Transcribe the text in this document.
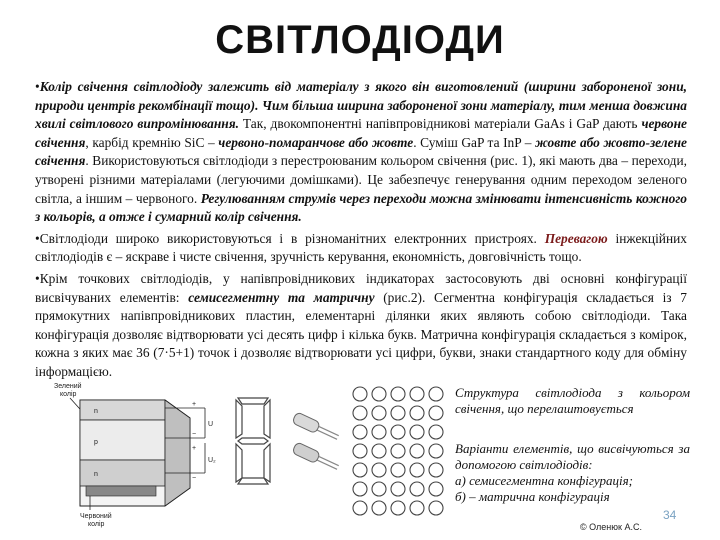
СВІТЛОДІОДИ

•Колір свічення світлодіоду залежить від матеріалу з якого він виготовлений (ширини забороненої зони, природи центрів рекомбінації тощо). Чим більша ширина забороненої зони матеріалу, тим менша довжина хвилі світлового випромінювання. Так, двокомпонентні напівпровідникові матеріали GaAs і GaP дають червоне свічення, карбід кремнію SiC – червоно-помаранчове або жовте. Суміш GaP та InP – жовте або жовто-зелене свічення. Використовуються світлодіоди з перестроюваним кольором свічення (рис. 1), які мають два – переходи, утворені різними матеріалами (легуючими домішками). Це забезпечує генерування одним переходом зеленого світла, а іншим – червоного. Регулюванням струмів через переходи можна змінювати інтенсивність кожного з кольорів, а отже і сумарний колір свічення.

•Світлодіоди широко використовуються і в різноманітних електронних пристроях. Перевагою інжекційних світлодіодів є – яскраве і чисте свічення, зручність керування, економність, довговічність тощо.

•Крім точкових світлодіодів, у напівпровідникових індикаторах застосовують дві основні конфігурації висвічуваних елементів: семисегментну та матричну (рис.2). Сегментна конфігурація складається із 7 прямокутних напівпровідникових пластин, елементарні ділянки яких являють собою світлодіоди. Така конфігурація дозволяє відтворювати усі десять цифр і кілька букв. Матрична конфігурація складається з комірок, кожна з яких має 36 (7·5+1) точок і дозволяє відтворювати усі цифри, букви, знаки стандартного коду для обміну інформацією.

Зелений
колір
n
p
n
+
−
+
−
U
U₂
Червоний
колір
Структура світлодіода з кольором свічення, що перелаштовується
Варіанти елементів, що висвічуються за допомогою світлодіодів:
а) семисегментна конфігурація;
б) – матрична конфігурація
34
© Оленюк А.С.
